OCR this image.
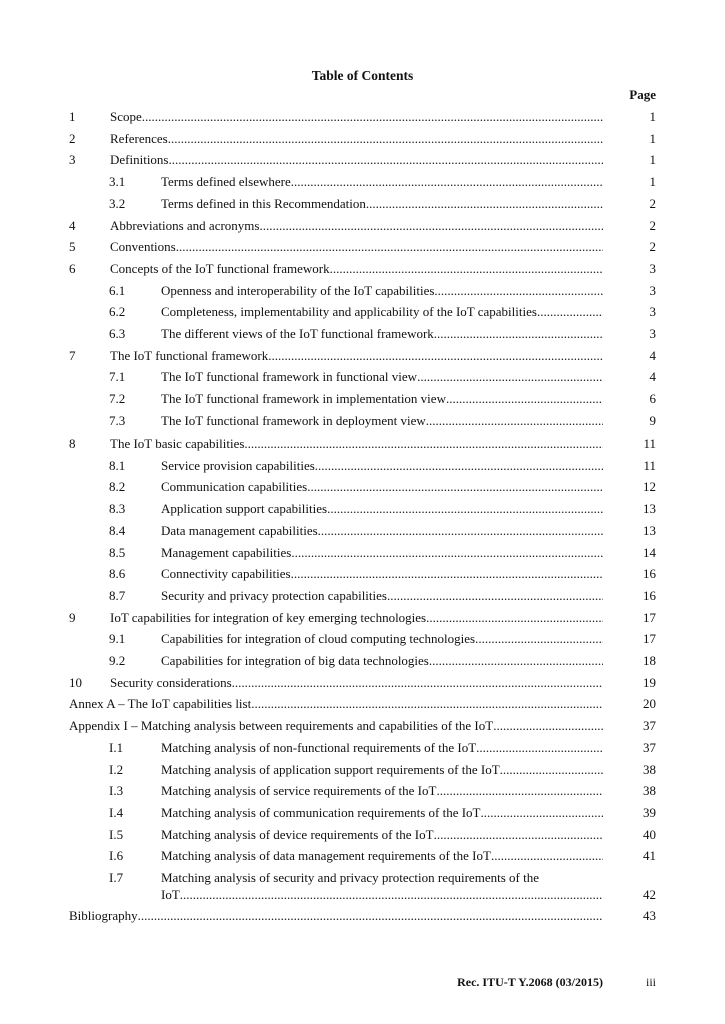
Table of Contents
Page
1	Scope .....	1
2	References .....	1
3	Definitions .....	1
3.1	Terms defined elsewhere .....	1
3.2	Terms defined in this Recommendation .....	2
4	Abbreviations and acronyms .....	2
5	Conventions .....	2
6	Concepts of the IoT functional framework .....	3
6.1	Openness and interoperability of the IoT capabilities .....	3
6.2	Completeness, implementability and applicability of the IoT capabilities .....	3
6.3	The different views of the IoT functional framework .....	3
7	The IoT functional framework .....	4
7.1	The IoT functional framework in functional view .....	4
7.2	The IoT functional framework in implementation view .....	6
7.3	The IoT functional framework in deployment view .....	9
8	The IoT basic capabilities .....	11
8.1	Service provision capabilities .....	11
8.2	Communication capabilities .....	12
8.3	Application support capabilities .....	13
8.4	Data management capabilities .....	13
8.5	Management capabilities .....	14
8.6	Connectivity capabilities .....	16
8.7	Security and privacy protection capabilities .....	16
9	IoT capabilities for integration of key emerging technologies .....	17
9.1	Capabilities for integration of cloud computing technologies .....	17
9.2	Capabilities for integration of big data technologies .....	18
10 Security considerations .....	19
Annex A – The IoT capabilities list .....	20
Appendix I – Matching analysis between requirements and capabilities of the IoT .....	37
I.1	Matching analysis of non-functional requirements of the IoT .....	37
I.2	Matching analysis of application support requirements of the IoT .....	38
I.3	Matching analysis of service requirements of the IoT .....	38
I.4	Matching analysis of communication requirements of the IoT .....	39
I.5	Matching analysis of device requirements of the IoT .....	40
I.6	Matching analysis of data management requirements of the IoT .....	41
I.7	Matching analysis of security and privacy protection requirements of the
IoT .....	42
Bibliography .....	43
Rec. ITU-T Y.2068 (03/2015)	iii
